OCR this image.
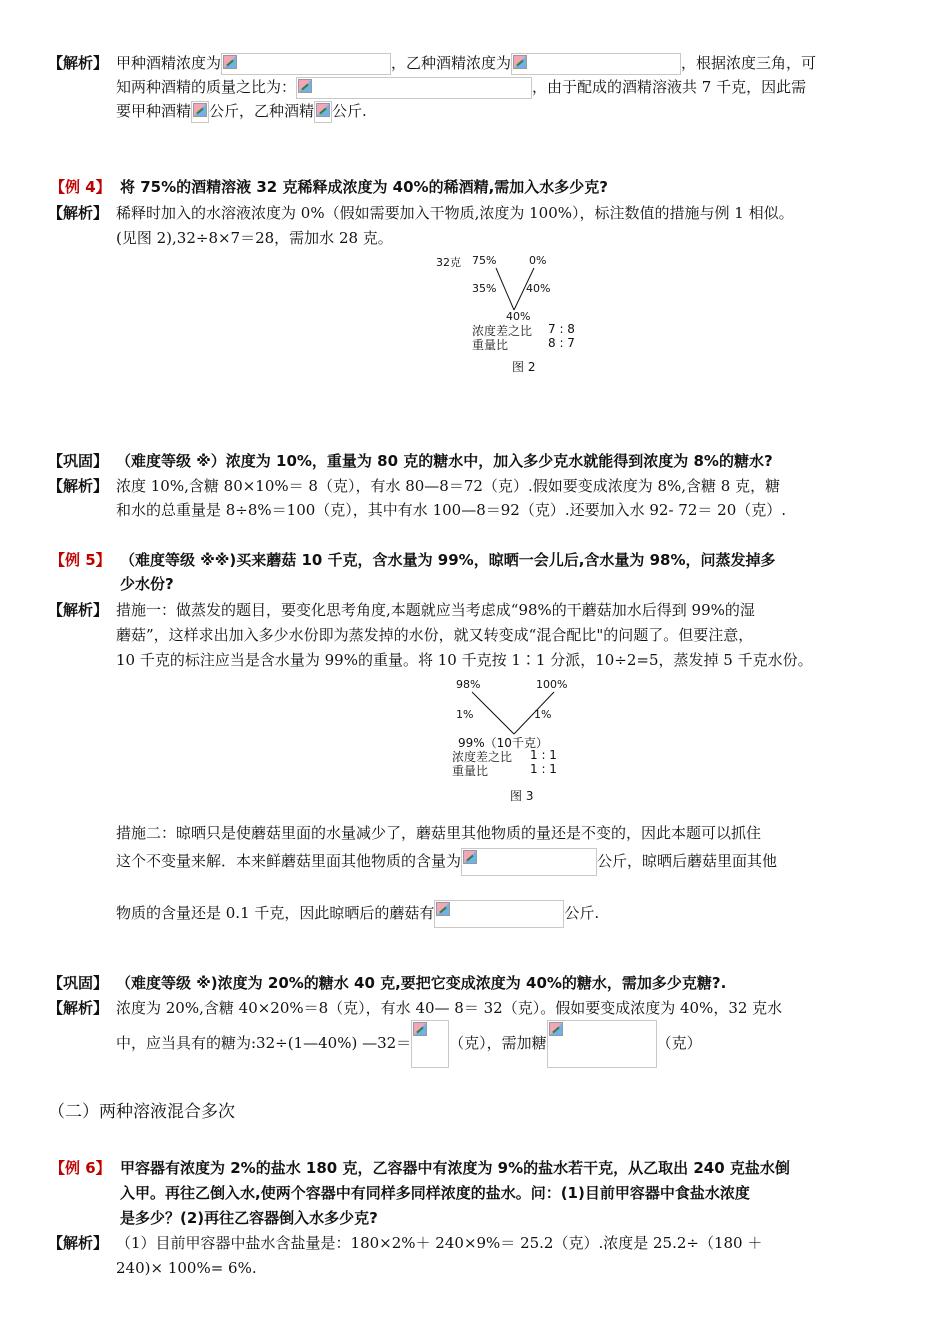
【解析】 甲种酒精浓度为	，乙种酒精浓度为	，根据浓度三角，可
知两种酒精的质量之比为：	，由于配成的酒精溶液共 7 千克，因此需
要甲种酒精 公斤，乙种酒精 公斤.
【例 4】 将 75%的酒精溶液 32 克稀释成浓度为 40%的稀酒精,需加入水多少克?
【解析】 稀释时加入的水溶液浓度为 0%（假如需要加入干物质,浓度为 100%），标注数值的措施与例 1 相似。
(见图 2),32÷8×7＝28，需加水 28 克。
32克 75%	0%
35%	40%
40%
浓度差之比 7 : 8
重量比	8 : 7
图 2
【巩固】 （难度等级 ※）浓度为 10%，重量为 80 克的糖水中，加入多少克水就能得到浓度为 8%的糖水?
【解析】 浓度 10%,含糖 80×10%＝ 8（克），有水 80—8＝72（克）.假如要变成浓度为 8%,含糖 8 克，糖
和水的总重量是 8÷8%＝100（克），其中有水 100—8＝92（克）.还要加入水 92- 72＝ 20（克）.
【例 5】 （难度等级 ※※)买来蘑菇 10 千克，含水量为 99%，晾晒一会儿后,含水量为 98%，问蒸发掉多
少水份?
【解析】 措施一：做蒸发的题目，要变化思考角度,本题就应当考虑成“98%的干蘑菇加水后得到 99%的湿
蘑菇”，这样求出加入多少水份即为蒸发掉的水份，就又转变成“混合配比"的问题了。但要注意，
10 千克的标注应当是含水量为 99%的重量。将 10 千克按 1∶1 分派，10÷2=5，蒸发掉 5 千克水份。
98%	100%
1%	1%
99%（10千克）
浓度差之比 1 : 1
重量比	1 : 1
图 3
措施二：晾晒只是使蘑菇里面的水量减少了，蘑菇里其他物质的量还是不变的，因此本题可以抓住
这个不变量来解．本来鲜蘑菇里面其他物质的含量为	公斤，晾晒后蘑菇里面其他
物质的含量还是 0.1 千克，因此晾晒后的蘑菇有	公斤.
【巩固】 （难度等级 ※)浓度为 20%的糖水 40 克,要把它变成浓度为 40%的糖水，需加多少克糖?.
【解析】 浓度为 20%,含糖 40×20%＝8（克），有水 40— 8＝ 32（克）。假如要变成浓度为 40%，32 克水
中，应当具有的糖为:32÷(1—40%) —32＝	（克），需加糖	（克）
（二）两种溶液混合多次
【例 6】 甲容器有浓度为 2%的盐水 180 克，乙容器中有浓度为 9%的盐水若干克，从乙取出 240 克盐水倒
入甲。再往乙倒入水,使两个容器中有同样多同样浓度的盐水。问：(1)目前甲容器中食盐水浓度
是多少？(2)再往乙容器倒入水多少克?
【解析】 （1）目前甲容器中盐水含盐量是：180×2%＋ 240×9%＝ 25.2（克）.浓度是 25.2÷（180 ＋
240)× 100%= 6%.
